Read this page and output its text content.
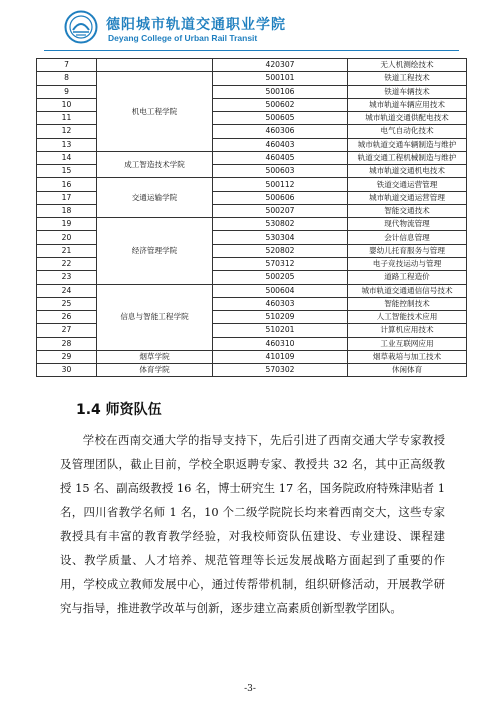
德阳城市轨道交通职业学院
Deyang College of Urban Rail Transit
7		420307	无人机测绘技术
8	机电工程学院	500101	铁道工程技术
9		500106	铁道车辆技术
10		500602	城市轨道车辆应用技术
11		500605	城市轨道交通供配电技术
12		460306	电气自动化技术
13		460403	城市轨道交通车辆制造与维护
14	成工智造技术学院	460405	轨道交通工程机械制造与维护
15		500603	城市轨道交通机电技术
16	交通运输学院	500112	铁道交通运营管理
17		500606	城市轨道交通运营管理
18		500207	智能交通技术
19	经济管理学院	530802	现代物流管理
20		530304	会计信息管理
21		520802	婴幼儿托育服务与管理
22		570312	电子竞技运动与管理
23		500205	道路工程造价
24	信息与智能工程学院	500604	城市轨道交通通信信号技术
25		460303	智能控制技术
26		510209	人工智能技术应用
27		510201	计算机应用技术
28		460310	工业互联网应用
29	烟草学院	410109	烟草栽培与加工技术
30	体育学院	570302	休闲体育
1.4 师资队伍

学校在西南交通大学的指导支持下，先后引进了西南交通大学专家教授及管理团队，截止目前，学校全职返聘专家、教授共 32 名，其中正高级教授 15 名、副高级教授 16 名，博士研究生 17 名，国务院政府特殊津贴者 1 名，四川省教学名师 1 名，10 个二级学院院长均来着西南交大，这些专家教授具有丰富的教育教学经验，对我校师资队伍建设、专业建设、课程建设、教学质量、人才培养、规范管理等长远发展战略方面起到了重要的作用，学校成立教师发展中心，通过传帮带机制，组织研修活动，开展教学研究与指导，推进教学改革与创新，逐步建立高素质创新型教学团队。

-3-
